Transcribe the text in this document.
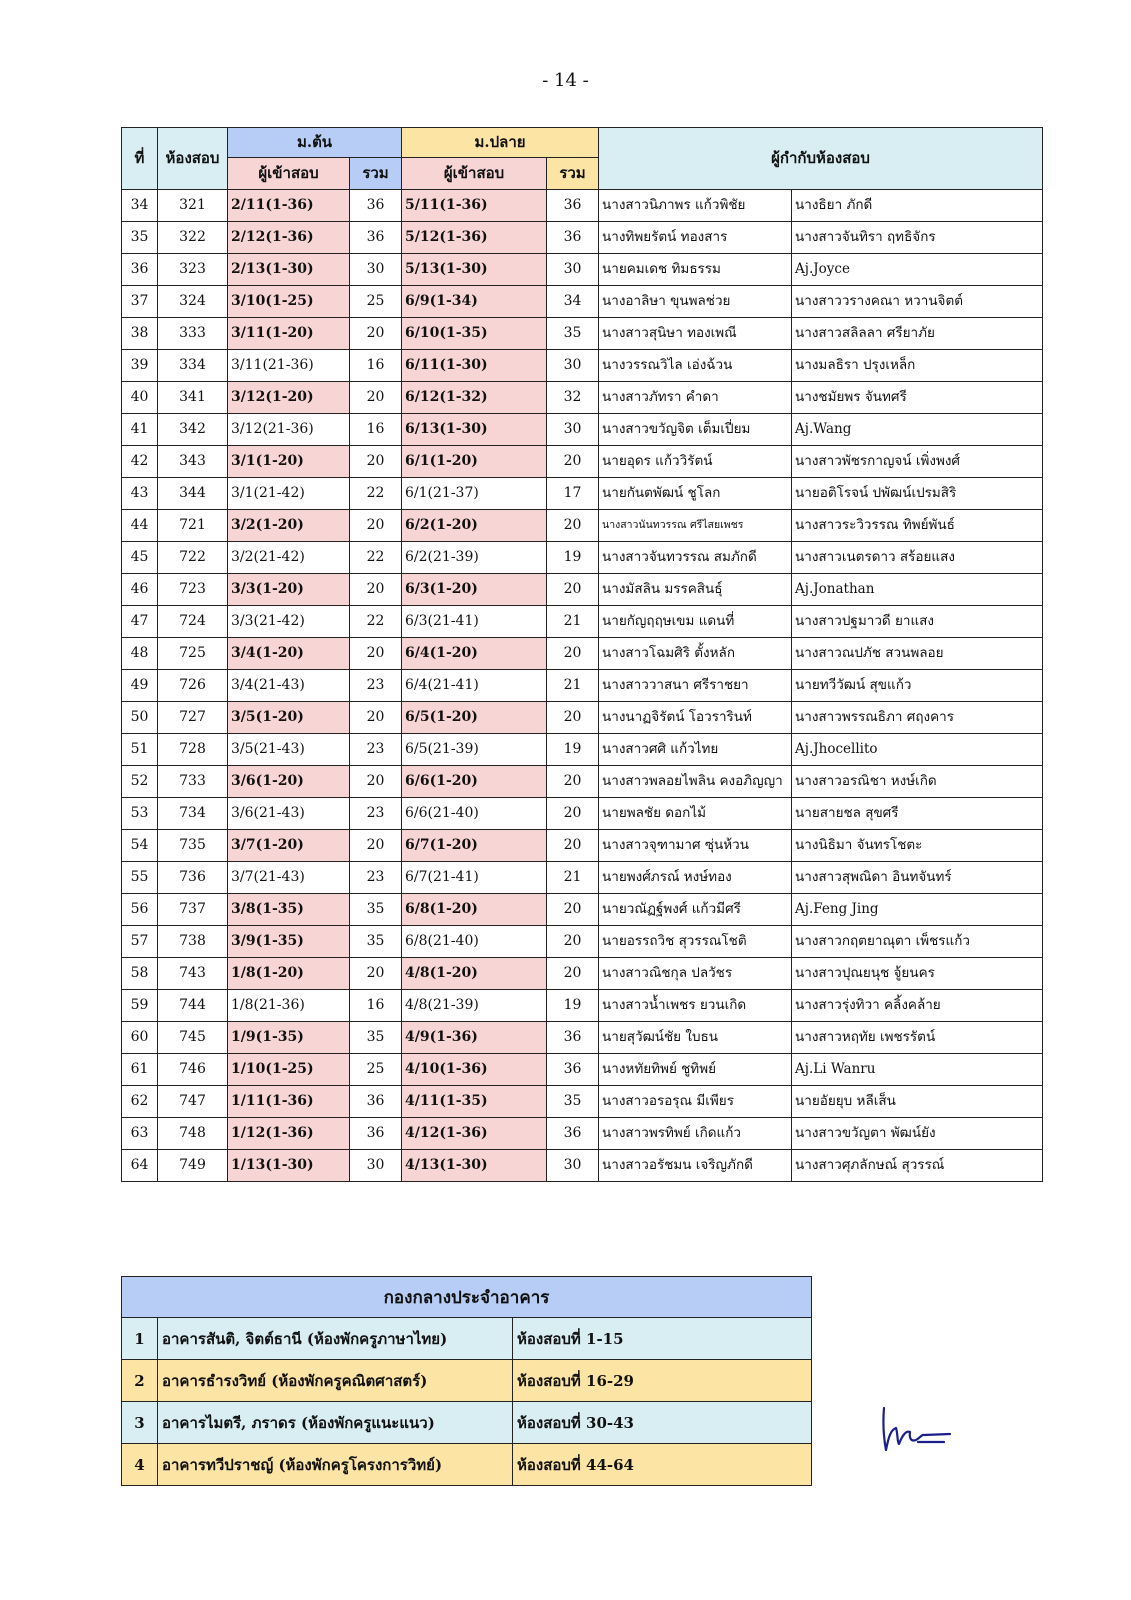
- 14 -
ที่	ห้องสอบ	ม.ต้น		ม.ปลาย		ผู้กำกับห้องสอบ	
		ผู้เข้าสอบ	รวม	ผู้เข้าสอบ	รวม		
34	321	2/11(1-36)	36	5/11(1-36)	36	นางสาวนิภาพร แก้วพิชัย	นางธิยา ภักดี
35	322	2/12(1-36)	36	5/12(1-36)	36	นางทิพยรัตน์ ทองสาร	นางสาวจันทิรา ฤทธิจักร
36	323	2/13(1-30)	30	5/13(1-30)	30	นายคมเดช ทิมธรรม	Aj.Joyce
37	324	3/10(1-25)	25	6/9(1-34)	34	นางอาลิษา ขุนพลช่วย	นางสาววรางคณา หวานจิตต์
38	333	3/11(1-20)	20	6/10(1-35)	35	นางสาวสุนิษา ทองเพณี	นางสาวสลิลลา ศรียาภัย
39	334	3/11(21-36)	16	6/11(1-30)	30	นางวรรณวิไล เอ่งฉ้วน	นางมลธิรา ปรุงเหล็ก
40	341	3/12(1-20)	20	6/12(1-32)	32	นางสาวภัทรา คำดา	นางชมัยพร จันทศรี
41	342	3/12(21-36)	16	6/13(1-30)	30	นางสาวขวัญจิต เต็มเปี่ยม	Aj.Wang
42	343	3/1(1-20)	20	6/1(1-20)	20	นายอุดร แก้ววิรัตน์	นางสาวพัชรกาญจน์ เพิ่งพงศ์
43	344	3/1(21-42)	22	6/1(21-37)	17	นายกันตพัฒน์ ชูโลก	นายอติโรจน์ ปพัฒน์เปรมสิริ
44	721	3/2(1-20)	20	6/2(1-20)	20	นางสาวนันทวรรณ ศรีไสยเพชร	นางสาวระวิวรรณ ทิพย์พันธ์
45	722	3/2(21-42)	22	6/2(21-39)	19	นางสาวจันทวรรณ สมภักดี	นางสาวเนตรดาว สร้อยแสง
46	723	3/3(1-20)	20	6/3(1-20)	20	นางมัสลิน มรรคสินธุ์	Aj.Jonathan
47	724	3/3(21-42)	22	6/3(21-41)	21	นายกัญฤฤษเขม แดนที่	นางสาวปฐมาวดี ยาแสง
48	725	3/4(1-20)	20	6/4(1-20)	20	นางสาวโฉมศิริ ตั้งหลัก	นางสาวณปภัช สวนพลอย
49	726	3/4(21-43)	23	6/4(21-41)	21	นางสาววาสนา ศรีราชยา	นายทวีวัฒน์ สุขแก้ว
50	727	3/5(1-20)	20	6/5(1-20)	20	นางนาฏจิรัตน์ โอวรารินท์	นางสาวพรรณธิภา ศฤงคาร
51	728	3/5(21-43)	23	6/5(21-39)	19	นางสาวศศิ แก้วไทย	Aj.Jhocellito
52	733	3/6(1-20)	20	6/6(1-20)	20	นางสาวพลอยไพลิน คงอภิญญา	นางสาวอรณิชา หงษ์เกิด
53	734	3/6(21-43)	23	6/6(21-40)	20	นายพลชัย ดอกไม้	นายสายชล สุขศรี
54	735	3/7(1-20)	20	6/7(1-20)	20	นางสาวจุฑามาศ ซุ่นห้วน	นางนิธิมา จันทรโชตะ
55	736	3/7(21-43)	23	6/7(21-41)	21	นายพงศ์ภรณ์ หงษ์ทอง	นางสาวสุพณิดา อินทจันทร์
56	737	3/8(1-35)	35	6/8(1-20)	20	นายวณัฏฐ์พงศ์ แก้วมีศรี	Aj.Feng Jing
57	738	3/9(1-35)	35	6/8(21-40)	20	นายอรรถวิช สุวรรณโชติ	นางสาวกฤตยาณุตา เพ็ชรแก้ว
58	743	1/8(1-20)	20	4/8(1-20)	20	นางสาวณิชกุล ปลวัชร	นางสาวปุณยนุช จู้ยนคร
59	744	1/8(21-36)	16	4/8(21-39)	19	นางสาวน้ำเพชร ยวนเกิด	นางสาวรุ่งทิวา คลิ้งคล้าย
60	745	1/9(1-35)	35	4/9(1-36)	36	นายสุวัฒน์ชัย ใบธน	นางสาวหฤทัย เพชรรัตน์
61	746	1/10(1-25)	25	4/10(1-36)	36	นางหทัยทิพย์ ชูทิพย์	Aj.Li Wanru
62	747	1/11(1-36)	36	4/11(1-35)	35	นางสาวอรอรุณ มีเพียร	นายอัยยุบ หลีเส็น
63	748	1/12(1-36)	36	4/12(1-36)	36	นางสาวพรทิพย์ เกิดแก้ว	นางสาวขวัญตา พัฒน์ยัง
64	749	1/13(1-30)	30	4/13(1-30)	30	นางสาวอรัชมน เจริญภักดี	นางสาวศุภลักษณ์ สุวรรณ์
กองกลางประจำอาคาร		
1	อาคารสันติ, จิตต์ธานี (ห้องพักครูภาษาไทย)	ห้องสอบที่ 1-15
2	อาคารธำรงวิทย์ (ห้องพักครูคณิตศาสตร์)	ห้องสอบที่ 16-29
3	อาคารไมตรี, ภราดร (ห้องพักครูแนะแนว)	ห้องสอบที่ 30-43
4	อาคารทวีปราชญ์ (ห้องพักครูโครงการวิทย์)	ห้องสอบที่ 44-64
